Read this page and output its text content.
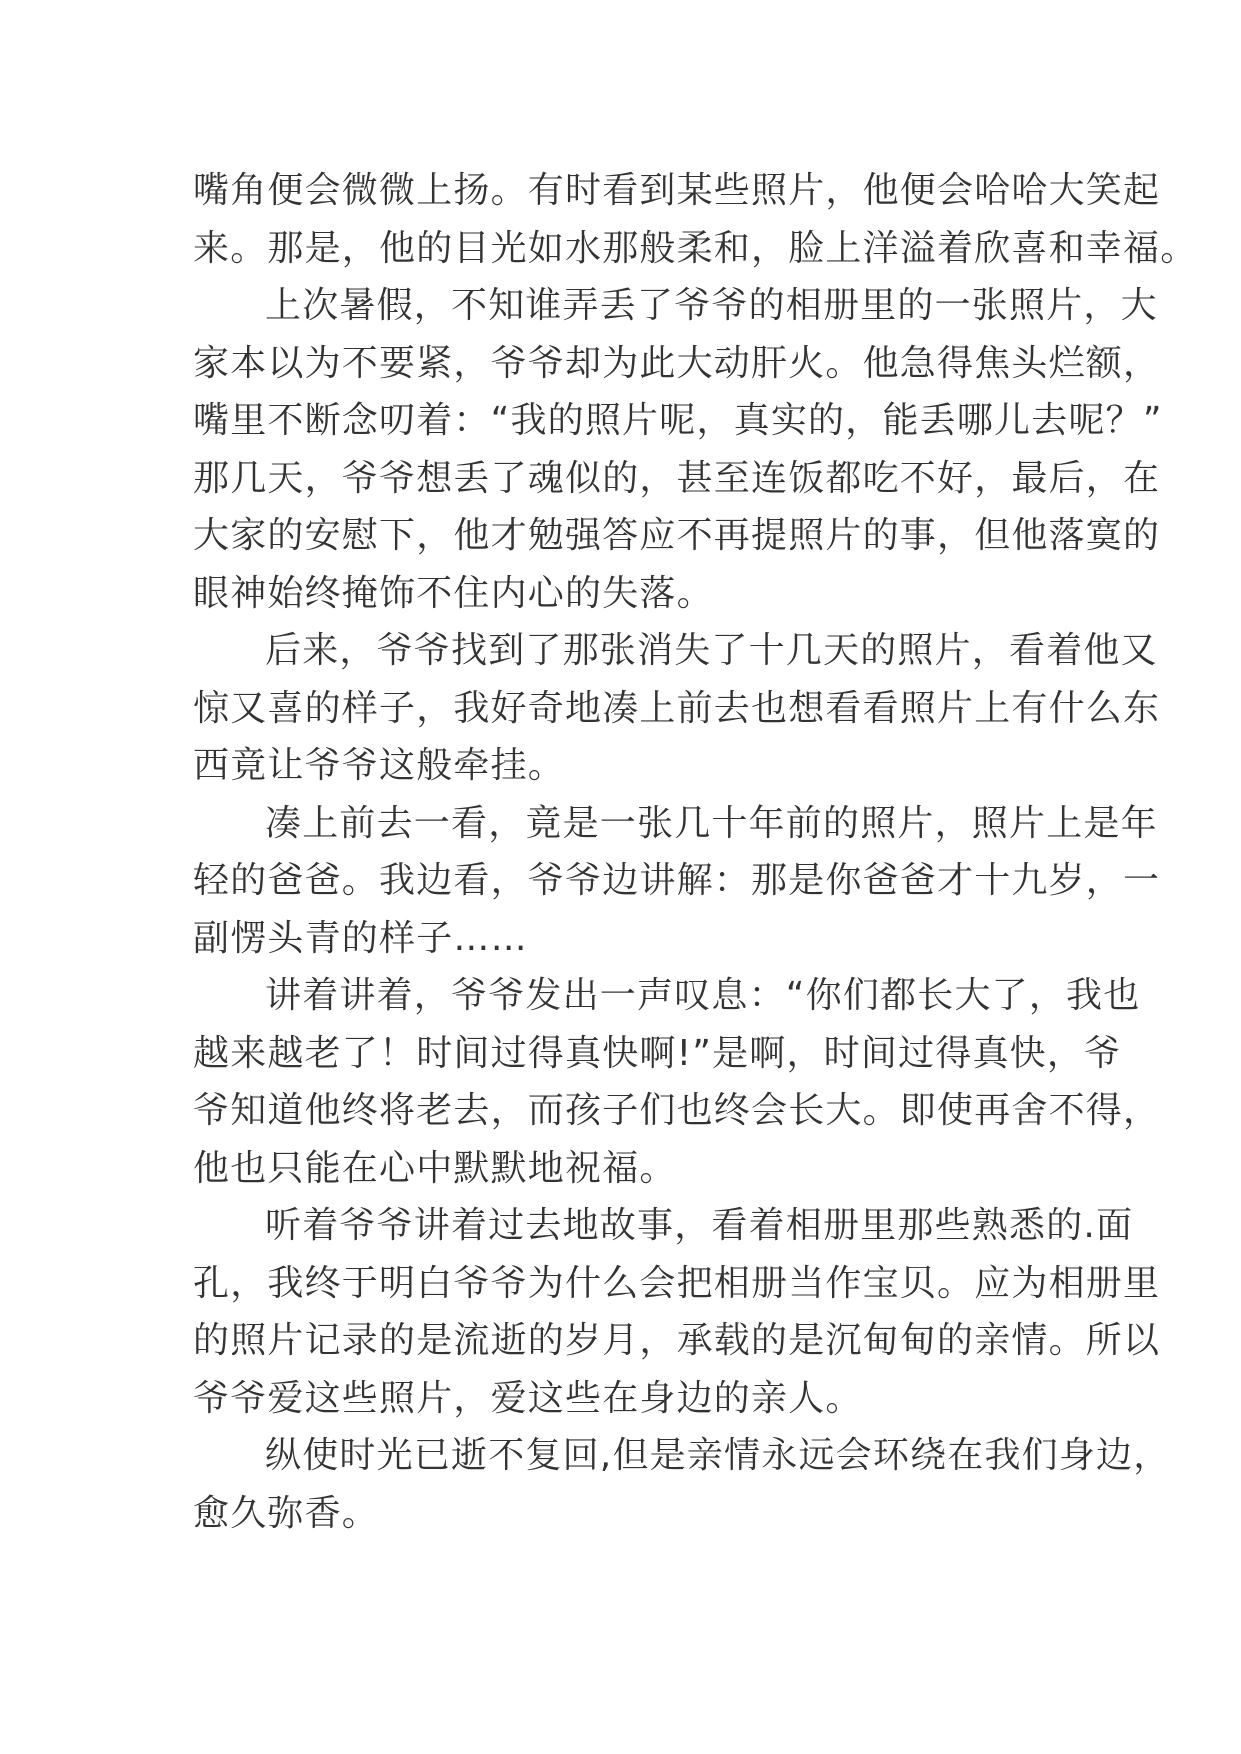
嘴角便会微微上扬。有时看到某些照片，他便会哈哈大笑起
来。那是，他的目光如水那般柔和，脸上洋溢着欣喜和幸福。
上次暑假，不知谁弄丢了爷爷的相册里的一张照片，大
家本以为不要紧，爷爷却为此大动肝火。他急得焦头烂额，
嘴里不断念叨着：“我的照片呢，真实的，能丢哪儿去呢？”
那几天，爷爷想丢了魂似的，甚至连饭都吃不好，最后，在
大家的安慰下，他才勉强答应不再提照片的事，但他落寞的
眼神始终掩饰不住内心的失落。
后来，爷爷找到了那张消失了十几天的照片，看着他又
惊又喜的样子，我好奇地凑上前去也想看看照片上有什么东
西竟让爷爷这般牵挂。
凑上前去一看，竟是一张几十年前的照片，照片上是年
轻的爸爸。我边看，爷爷边讲解：那是你爸爸才十九岁，一
副愣头青的样子……
讲着讲着，爷爷发出一声叹息：“你们都长大了，我也
越来越老了！时间过得真快啊!”是啊，时间过得真快，爷
爷知道他终将老去，而孩子们也终会长大。即使再舍不得，
他也只能在心中默默地祝福。
听着爷爷讲着过去地故事，看着相册里那些熟悉的.面
孔，我终于明白爷爷为什么会把相册当作宝贝。应为相册里
的照片记录的是流逝的岁月，承载的是沉甸甸的亲情。所以
爷爷爱这些照片，爱这些在身边的亲人。
纵使时光已逝不复回,但是亲情永远会环绕在我们身边，
愈久弥香。
